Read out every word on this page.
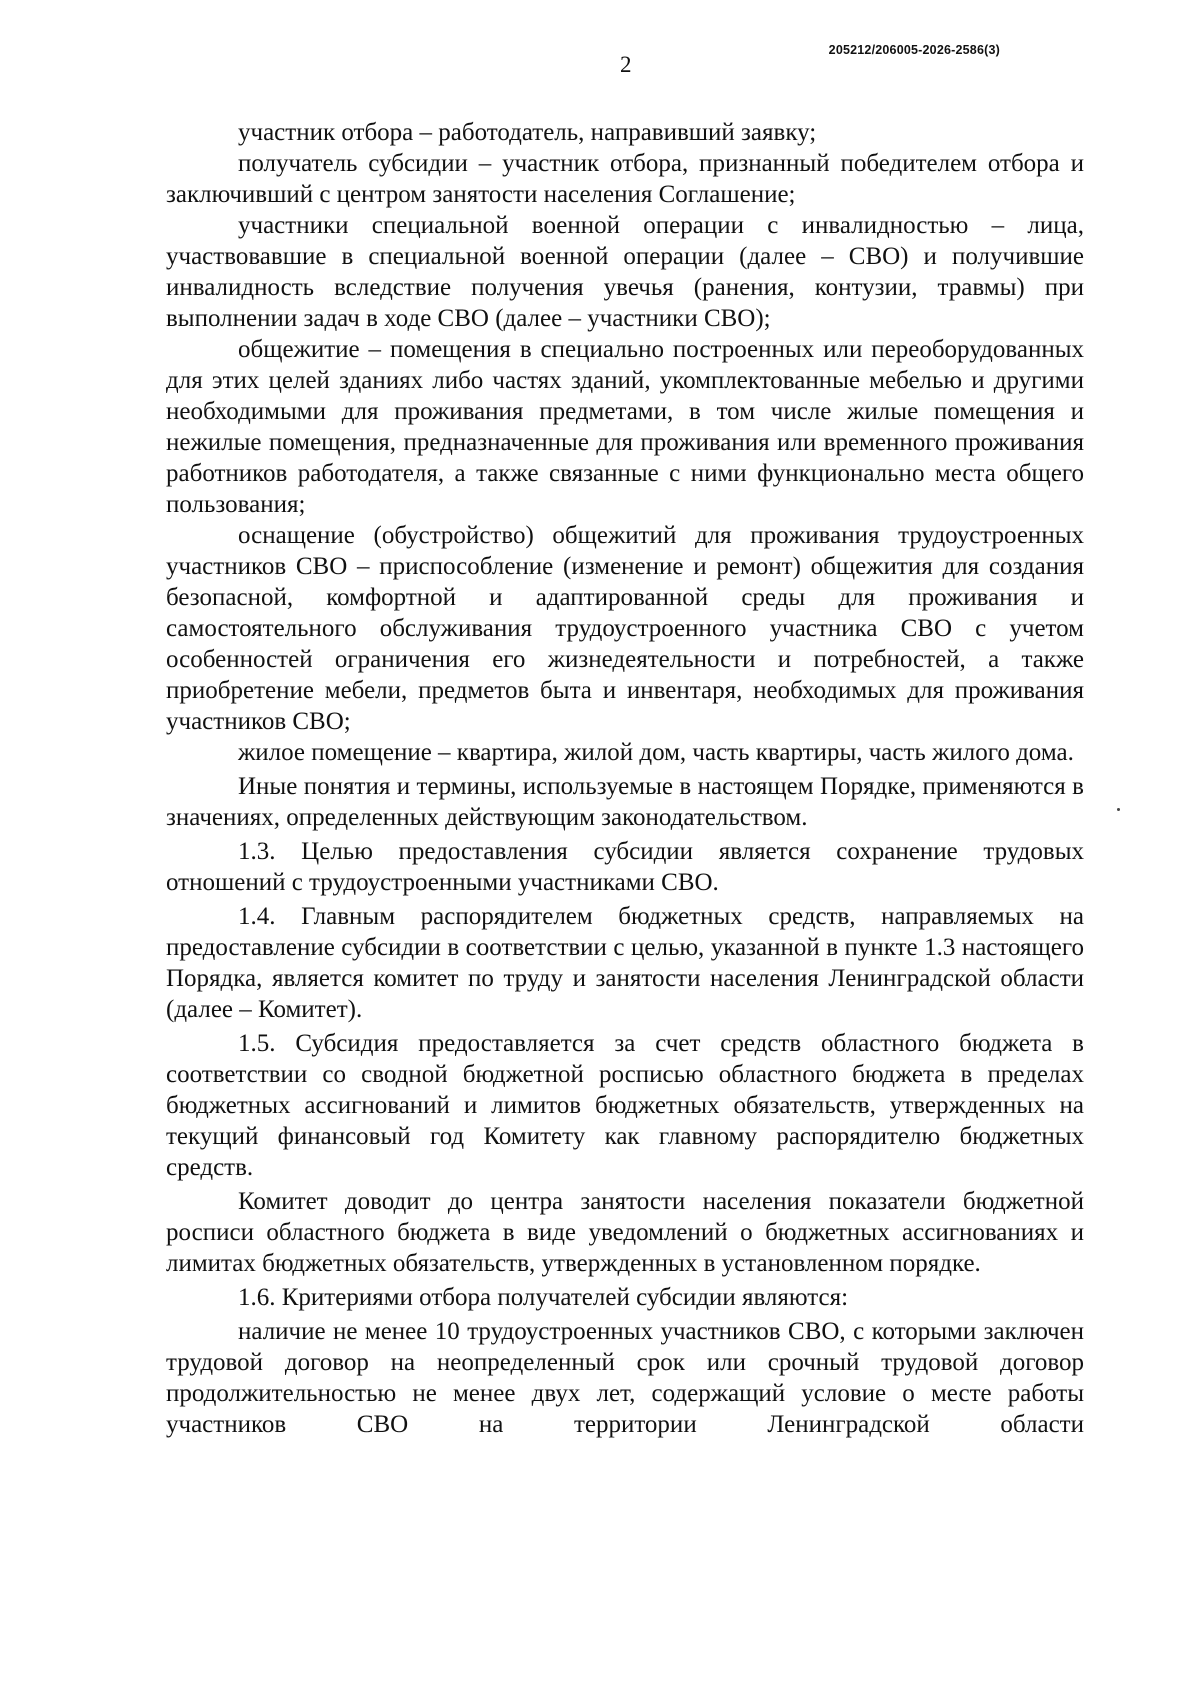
205212/206005-2026-2586(3)
2

участник отбора – работодатель, направивший заявку;

получатель субсидии – участник отбора, признанный победителем отбора и заключивший с центром занятости населения Соглашение;

участники специальной военной операции с инвалидностью – лица, участвовавшие в специальной военной операции (далее – СВО) и получившие инвалидность вследствие получения увечья (ранения, контузии, травмы) при выполнении задач в ходе СВО (далее – участники СВО);

общежитие – помещения в специально построенных или переоборудованных для этих целей зданиях либо частях зданий, укомплектованные мебелью и другими необходимыми для проживания предметами, в том числе жилые помещения и нежилые помещения, предназначенные для проживания или временного проживания работников работодателя, а также связанные с ними функционально места общего пользования;

оснащение (обустройство) общежитий для проживания трудоустроенных участников СВО – приспособление (изменение и ремонт) общежития для создания безопасной, комфортной и адаптированной среды для проживания и самостоятельного обслуживания трудоустроенного участника СВО с учетом особенностей ограничения его жизнедеятельности и потребностей, а также приобретение мебели, предметов быта и инвентаря, необходимых для проживания участников СВО;

жилое помещение – квартира, жилой дом, часть квартиры, часть жилого дома.

Иные понятия и термины, используемые в настоящем Порядке, применяются в значениях, определенных действующим законодательством.

1.3. Целью предоставления субсидии является сохранение трудовых отношений с трудоустроенными участниками СВО.

1.4. Главным распорядителем бюджетных средств, направляемых на предоставление субсидии в соответствии с целью, указанной в пункте 1.3 настоящего Порядка, является комитет по труду и занятости населения Ленинградской области (далее – Комитет).

1.5. Субсидия предоставляется за счет средств областного бюджета в соответствии со сводной бюджетной росписью областного бюджета в пределах бюджетных ассигнований и лимитов бюджетных обязательств, утвержденных на текущий финансовый год Комитету как главному распорядителю бюджетных средств.

Комитет доводит до центра занятости населения показатели бюджетной росписи областного бюджета в виде уведомлений о бюджетных ассигнованиях и лимитах бюджетных обязательств, утвержденных в установленном порядке.

1.6. Критериями отбора получателей субсидии являются:

наличие не менее 10 трудоустроенных участников СВО, с которыми заключен трудовой договор на неопределенный срок или срочный трудовой договор продолжительностью не менее двух лет, содержащий условие о месте работы участников СВО на территории Ленинградской области
